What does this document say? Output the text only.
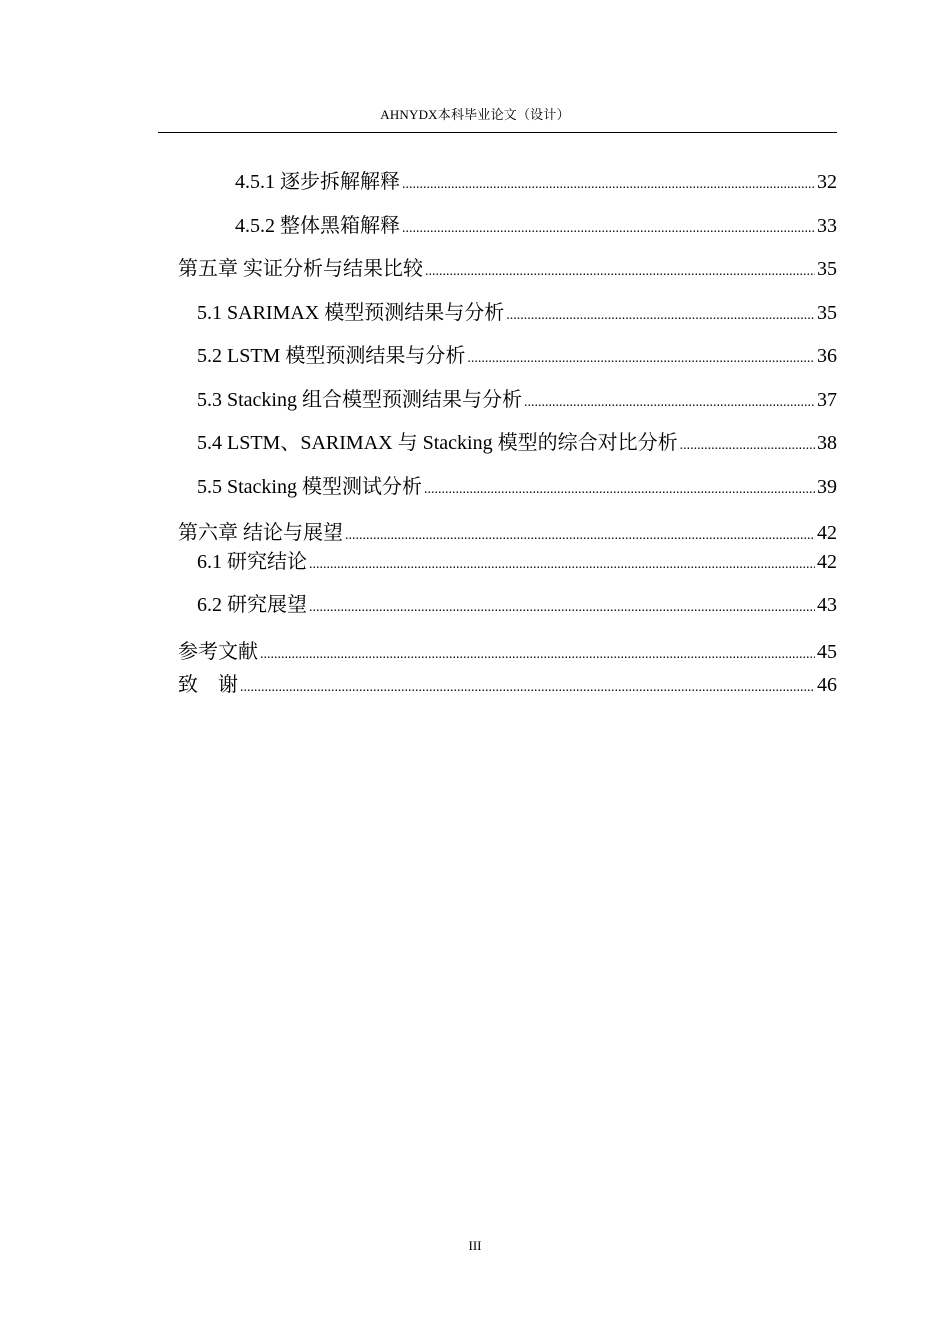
AHNYDX本科毕业论文（设计）
4.5.1 逐步拆解解释 .....	32
4.5.2 整体黑箱解释 .....	33
第五章 实证分析与结果比较 .....	35
5.1 SARIMAX 模型预测结果与分析 .....	35
5.2 LSTM 模型预测结果与分析 .....	36
5.3 Stacking 组合模型预测结果与分析 .....	37
5.4 LSTM、SARIMAX 与 Stacking 模型的综合对比分析 .....	38
5.5 Stacking 模型测试分析 .....	39
第六章 结论与展望 .....	42
6.1 研究结论 .....	42
6.2 研究展望 .....	43
参考文献 .....	45
致    谢 .....	46
III
